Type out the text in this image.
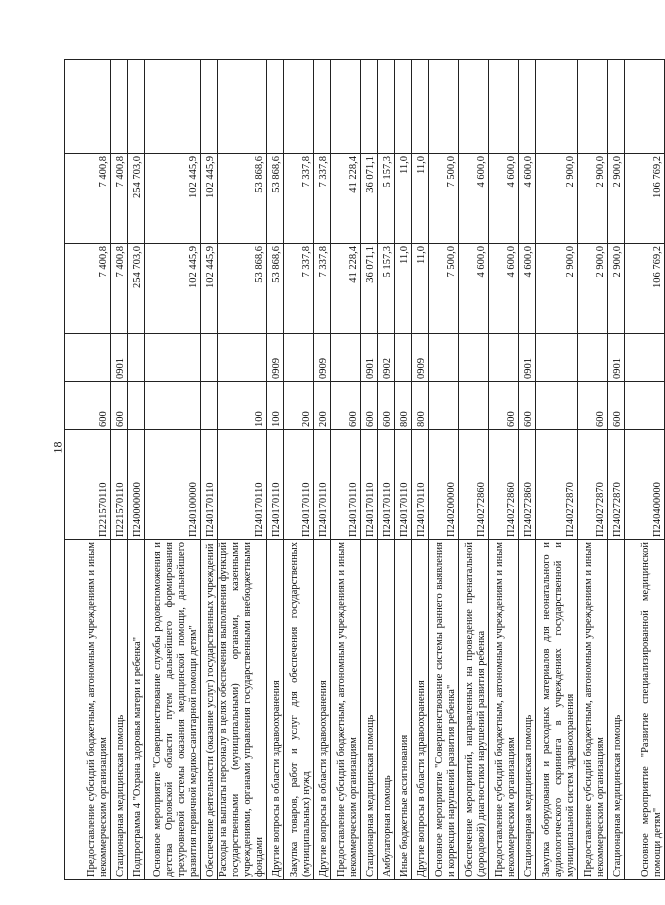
18
Предоставление субсидий бюджетным, автономным учреждениям и иным некоммерческим организациям	П221570110	600		7 400,8	7 400,8	
Стационарная медицинская помощь	П221570110	600	0901	7 400,8	7 400,8	
Подпрограмма 4 "Охрана здоровья матери и ребенка"	П240000000			254 703,0	254 703,0	
Основное мероприятие "Совершенствование службы родовспоможения и детства Орловской области путем дальнейшего формирования трехуровневой системы оказания медицинской помощи, дальнейшего развития первичной медико-санитарной помощи детям"	П240100000			102 445,9	102 445,9	
Обеспечение деятельности (оказание услуг) государственных учреждений	П240170110			102 445,9	102 445,9	
Расходы на выплаты персоналу в целях обеспечения выполнения функций государственными (муниципальными) органами, казенными учреждениями, органами управления государственными внебюджетными фондами	П240170110	100		53 868,6	53 868,6	
Другие вопросы в области здравоохранения	П240170110	100	0909	53 868,6	53 868,6	
Закупка товаров, работ и услуг для обеспечения государственных (муниципальных) нужд	П240170110	200		7 337,8	7 337,8	
Другие вопросы в области здравоохранения	П240170110	200	0909	7 337,8	7 337,8	
Предоставление субсидий бюджетным, автономным учреждениям и иным некоммерческим организациям	П240170110	600		41 228,4	41 228,4	
Стационарная медицинская помощь	П240170110	600	0901	36 071,1	36 071,1	
Амбулаторная помощь	П240170110	600	0902	5 157,3	5 157,3	
Иные бюджетные ассигнования	П240170110	800		11,0	11,0	
Другие вопросы в области здравоохранения	П240170110	800	0909	11,0	11,0	
Основное мероприятие "Совершенствование системы раннего выявления и коррекции нарушений развития ребенка"	П240200000			7 500,0	7 500,0	
Обеспечение мероприятий, направленных на проведение пренатальной (дородовой) диагностики нарушений развития ребенка	П240272860			4 600,0	4 600,0	
Предоставление субсидий бюджетным, автономным учреждениям и иным некоммерческим организациям	П240272860	600		4 600,0	4 600,0	
Стационарная медицинская помощь	П240272860	600	0901	4 600,0	4 600,0	
Закупка оборудования и расходных материалов для неонатального и аудиологического скрининга в учреждениях государственной и муниципальной систем здравоохранения	П240272870			2 900,0	2 900,0	
Предоставление субсидий бюджетным, автономным учреждениям и иным некоммерческим организациям	П240272870	600		2 900,0	2 900,0	
Стационарная медицинская помощь	П240272870	600	0901	2 900,0	2 900,0	
Основное мероприятие "Развитие специализированной медицинской помощи детям"	П240400000			106 769,2	106 769,2	
